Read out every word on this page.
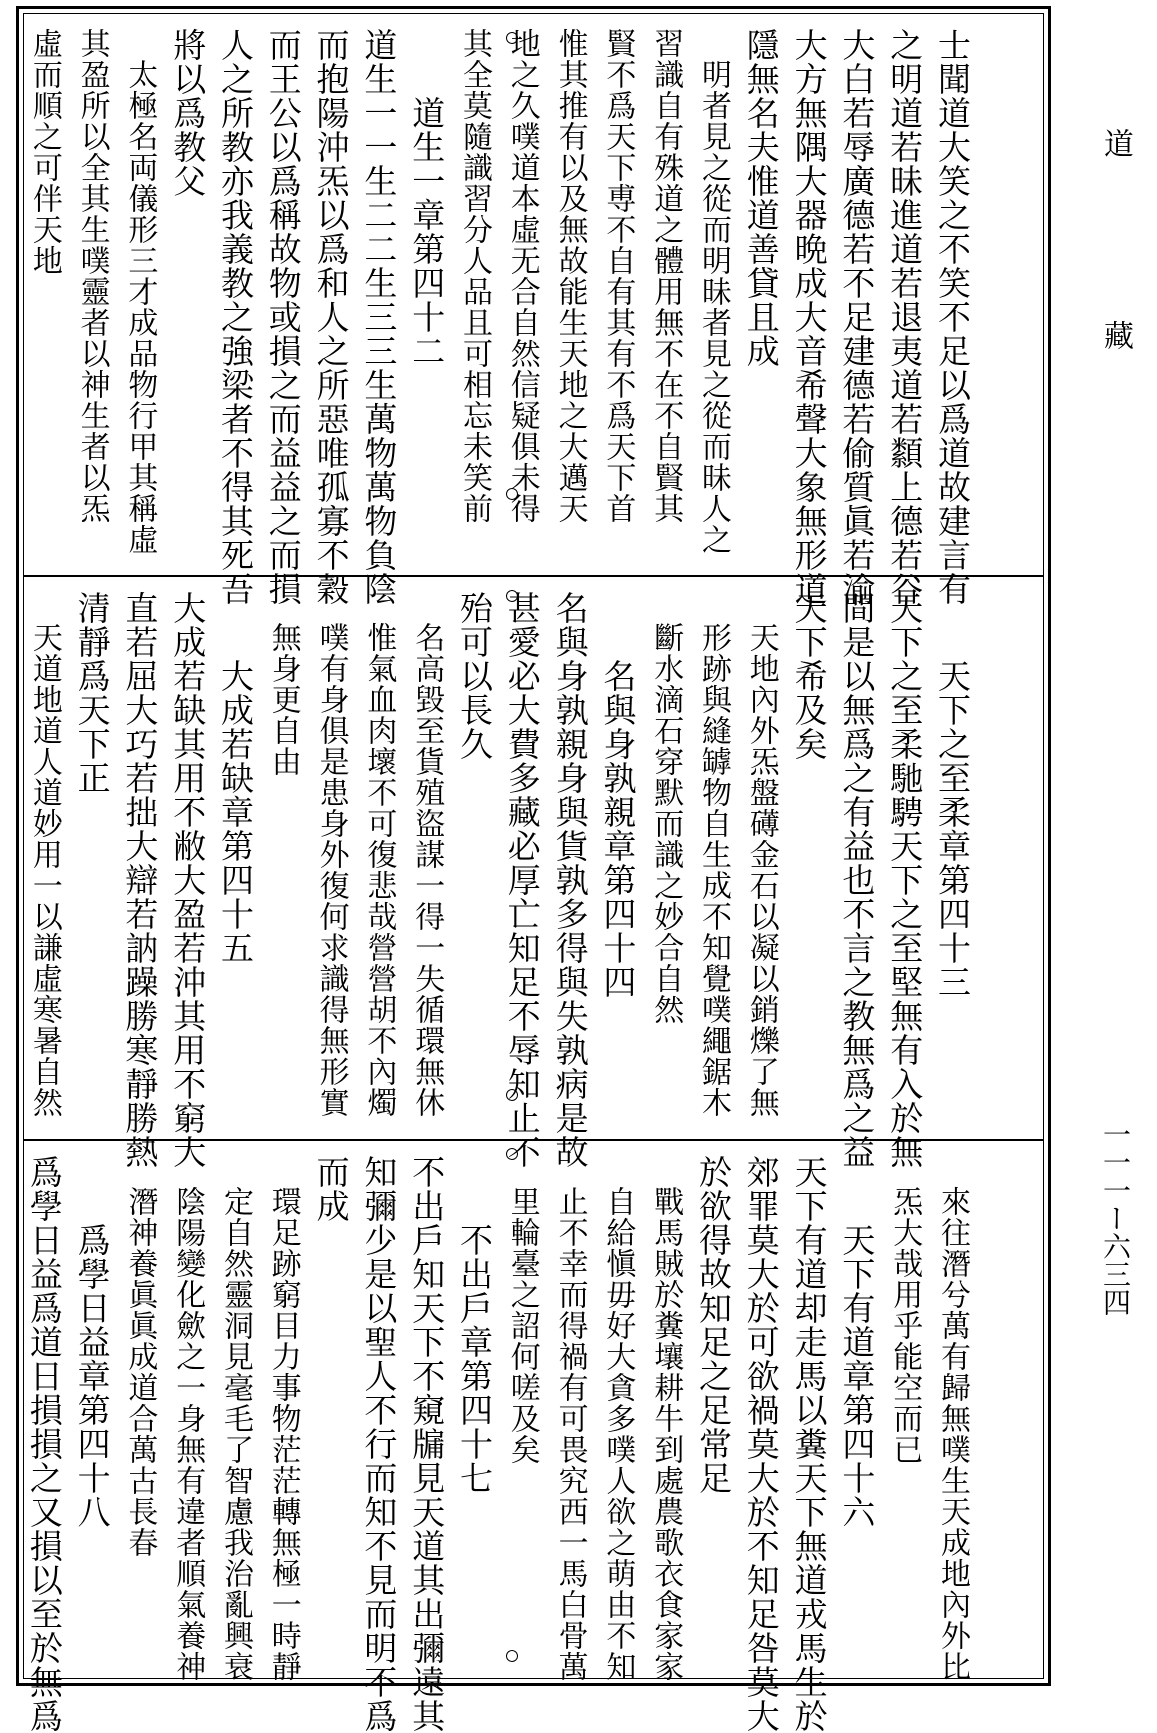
士聞道大笑之不笑不足以爲道故建言有
之明道若昧進道若退夷道若纇上德若谷
大白若辱廣德若不足建德若偷質眞若渝
大方無隅大器晩成大音希聲大象無形道
隱無名夫惟道善貸且成
　明者見之從而明昧者見之從而昧人之
習識自有殊道之體用無不在不自賢其
賢不爲天下尃不自有其有不爲天下首
惟其推有以及無故能生天地之大邁天
地之久噗道本虛无合自然信疑俱未得
其全莫隨識習分人品且可相忘未笑前
　　道生一章第四十二
道生一一生二二生三三生萬物萬物負陰
而抱陽沖炁以爲和人之所惡唯孤寡不穀
而王公以爲稱故物或損之而益益之而損
人之所教亦我義教之強梁者不得其死吾
將以爲教父
　太極名両儀形三才成品物行甲其稱虛
其盈所以全其生噗靈者以神生者以炁
虛而順之可伴天地
　　天下之至柔章第四十三
天下之至柔馳騁天下之至堅無有入於無
間是以無爲之有益也不言之教無爲之益
天下希及矣
　天地內外炁盤礡金石以凝以銷爍了無
　形跡與縫罅物自生成不知覺噗繩鋸木
　斷水滴石穿默而識之妙合自然
　　名與身孰親章第四十四
名與身孰親身與貨孰多得與失孰病是故
甚愛必大費多藏必厚亡知足不辱知止不
殆可以長久
　名高毀至貨殖盜謀一得一失循環無休
　惟氣血肉壞不可復悲哉營營胡不內燭
　噗有身俱是患身外復何求識得無形實
　無身更自由
　　大成若缺章第四十五
大成若缺其用不敝大盈若沖其用不窮大
直若屈大巧若拙大辯若訥躁勝寒靜勝熱
清靜爲天下正
　天道地道人道妙用一以謙虛寒暑自然
　來往潛兮萬有歸無噗生天成地內外比
　炁大哉用乎能空而已
　　天下有道章第四十六
天下有道却走馬以糞天下無道戎馬生於
郊罪莫大於可欲禍莫大於不知足咎莫大
於欲得故知足之足常足
　戰馬賊於糞壤耕牛到處農歌衣食家家
　自給愼毋好大貪多噗人欲之萌由不知
　止不幸而得禍有可畏究西一馬白骨萬
　里輪臺之詔何嗟及矣
　　不出戶章第四十七
不出戶知天下不窺牖見天道其出彌遠其
知彌少是以聖人不行而知不見而明不爲
而成
　環足跡窮目力事物茫茫轉無極一時靜
　定自然靈洞見毫毛了智慮我治亂興衰
　陰陽變化歛之一身無有違者順氣養神
　潛神養眞眞成道合萬古長春
　　爲學日益章第四十八
爲學日益爲道日損損之又損以至於無爲
道
藏
一一一ー六三四
